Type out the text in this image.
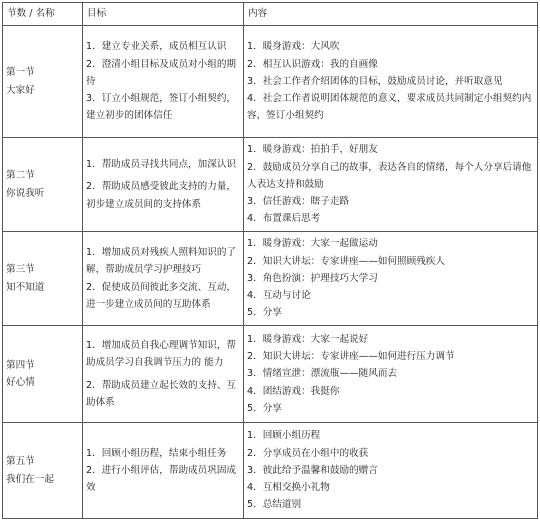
节数 / 名称	目标	内容

第一节
大家好	1．建立专业关系，成员相互认识
2．澄清小组目标及成员对小组的期待
3．订立小组规范，签订小组契约，建立初步的团体信任	1．暖身游戏：大风吹
2．相互认识游戏：我的自画像
3．社会工作者介绍团体的目标，鼓励成员讨论，并听取意见
4．社会工作者说明团体规范的意义，要求成员共同制定小组契约内容，签订小组契约

第二节
你说我听	1．帮助成员寻找共同点，加深认识
2．帮助成员感受彼此支持的力量，初步建立成员间的支持体系	1．暖身游戏：拍拍手，好朋友
2．鼓励成员分享自己的故事，表达各自的情绪，每个人分享后请他人表达支持和鼓励
3．信任游戏：瞎子走路
4．布置课后思考

第三节
知不知道	1．增加成员对残疾人照料知识的了解，帮助成员学习护理技巧
2．促使成员间彼此多交流、互动，进一步建立成员间的互助体系	1．暖身游戏：大家一起做运动
2．知识大讲坛：专家讲座——如何照顾残疾人
3．角色扮演：护理技巧大学习
4．互动与讨论
5．分享

第四节
好心情	1．增加成员自我心理调节知识，帮助成员学习自我调节压力的 能力
2．帮助成员建立起长效的支持、互助体系	1．暖身游戏：大家一起说好
2．知识大讲坛：专家讲座——如何进行压力调节
3．情绪宣泄：漂流瓶——随风而去
4．团结游戏：我挺你
5．分享

第五节
我们在一起	1．回顾小组历程，结束小组任务
2．进行小组评估，帮助成员巩固成效	1．回顾小组历程
2．分享成员在小组中的收获
3．彼此给予温馨和鼓励的赠言
4．互相交换小礼物
5．总结道别
